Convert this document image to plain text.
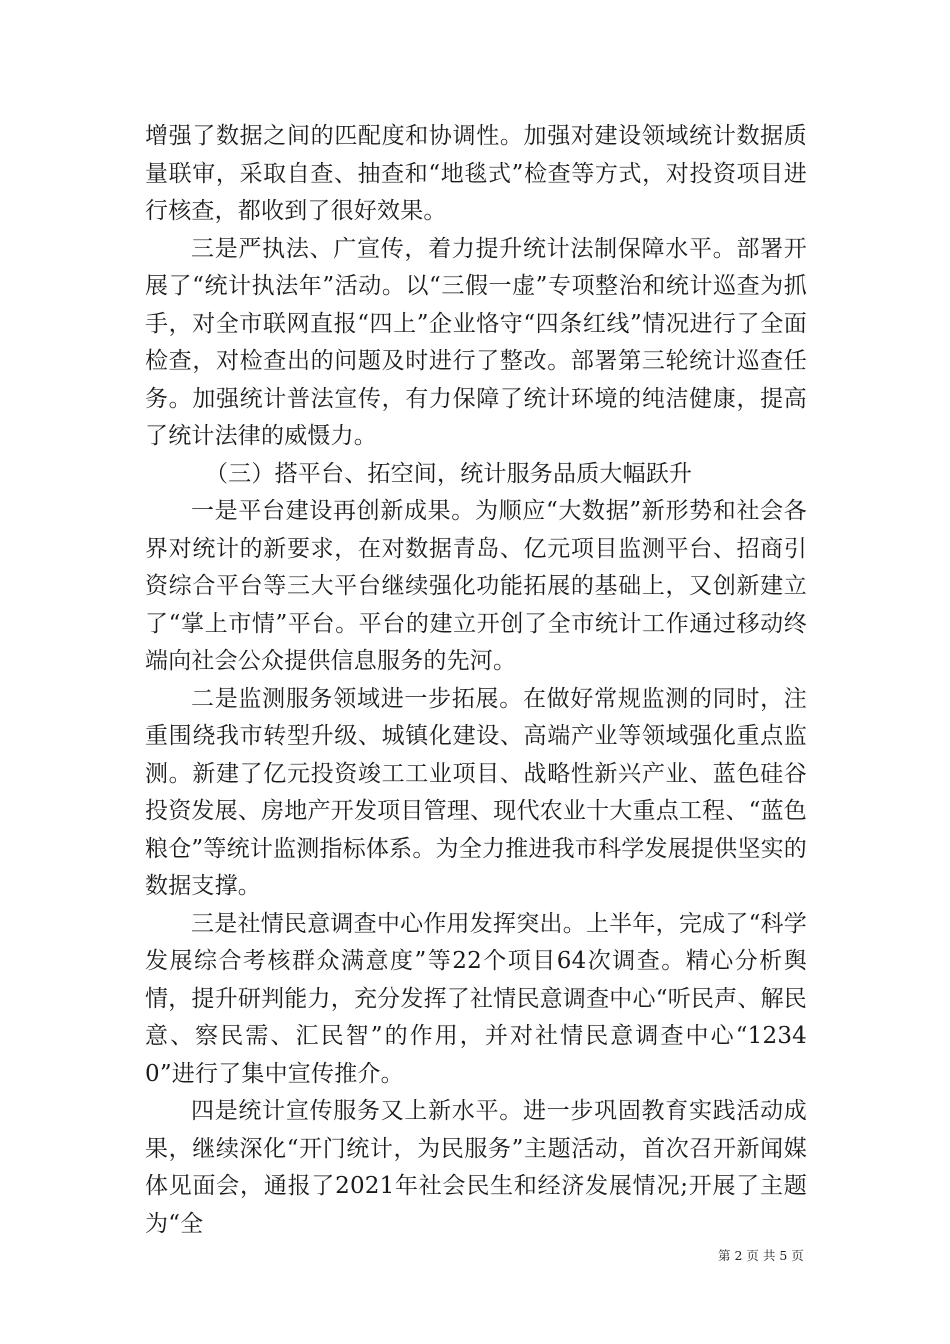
增强了数据之间的匹配度和协调性。加强对建设领域统计数据质量联审，采取自查、抽查和“地毯式”检查等方式，对投资项目进行核查，都收到了很好效果。

三是严执法、广宣传，着力提升统计法制保障水平。部署开展了“统计执法年”活动。以“三假一虚”专项整治和统计巡查为抓手，对全市联网直报“四上”企业恪守“四条红线”情况进行了全面检查，对检查出的问题及时进行了整改。部署第三轮统计巡查任务。加强统计普法宣传，有力保障了统计环境的纯洁健康，提高了统计法律的威慑力。

（三）搭平台、拓空间，统计服务品质大幅跃升

一是平台建设再创新成果。为顺应“大数据”新形势和社会各界对统计的新要求，在对数据青岛、亿元项目监测平台、招商引资综合平台等三大平台继续强化功能拓展的基础上，又创新建立了“掌上市情”平台。平台的建立开创了全市统计工作通过移动终端向社会公众提供信息服务的先河。

二是监测服务领域进一步拓展。在做好常规监测的同时，注重围绕我市转型升级、城镇化建设、高端产业等领域强化重点监测。新建了亿元投资竣工工业项目、战略性新兴产业、蓝色硅谷投资发展、房地产开发项目管理、现代农业十大重点工程、“蓝色粮仓”等统计监测指标体系。为全力推进我市科学发展提供坚实的数据支撑。

三是社情民意调查中心作用发挥突出。上半年，完成了“科学发展综合考核群众满意度”等22个项目64次调查。精心分析舆情，提升研判能力，充分发挥了社情民意调查中心“听民声、解民意、察民需、汇民智”的作用，并对社情民意调查中心“12340”进行了集中宣传推介。

四是统计宣传服务又上新水平。进一步巩固教育实践活动成果，继续深化“开门统计，为民服务”主题活动，首次召开新闻媒体见面会，通报了2021年社会民生和经济发展情况;开展了主题为“全

第 2 页 共 5 页
